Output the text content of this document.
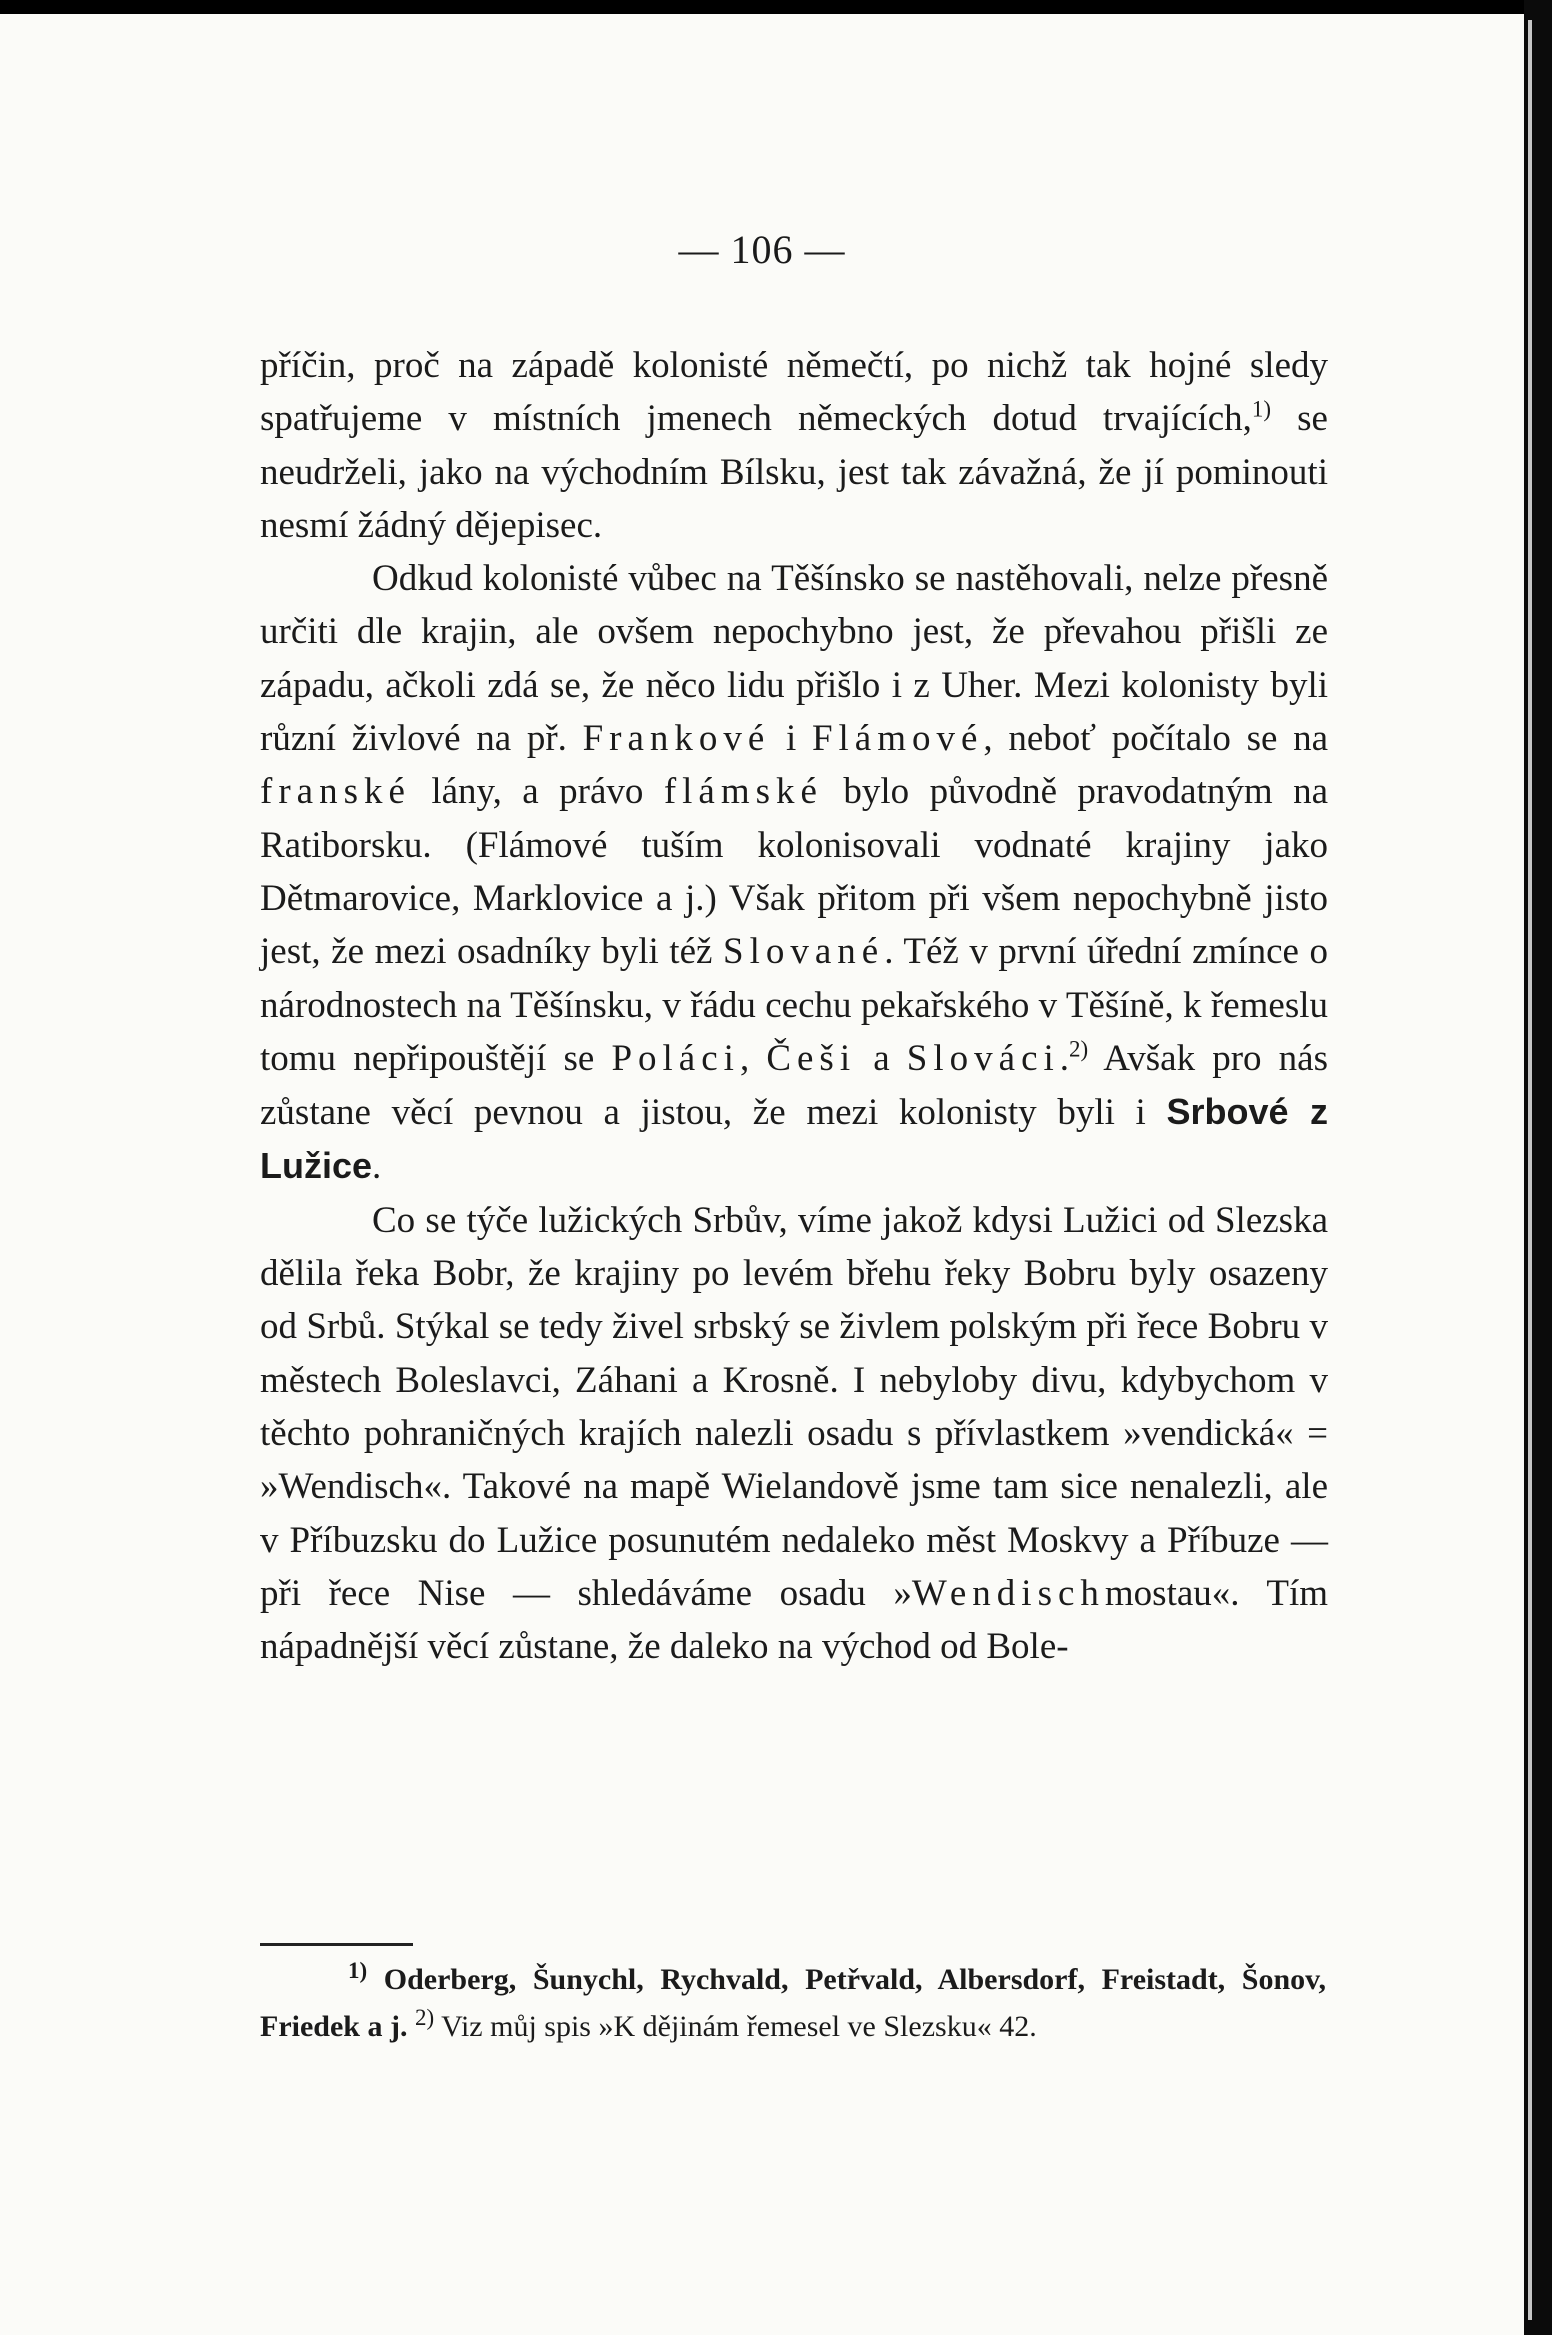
— 106 —

příčin, proč na západě kolonisté němečtí, po nichž tak hojné sledy spatřujeme v místních jmenech německých dotud trvajících,$^{1)}$ se neudrželi, jako na východním Bílsku, jest tak závažná, že jí pominouti nesmí žádný dějepisec.

Odkud kolonisté vůbec na Těšínsko se nastěhovali, nelze přesně určiti dle krajin, ale ovšem nepochybno jest, že převahou přišli ze západu, ačkoli zdá se, že něco lidu přišlo i z Uher. Mezi kolonisty byli různí živlové na př. Frankové i Flámové, neboť počítalo se na franské lány, a právo flámské bylo původně pravodatným na Ratiborsku. (Flámové tuším kolonisovali vodnaté krajiny jako Dětmarovice, Marklovice a j.) Však přitom při všem nepochybně jisto jest, že mezi osadníky byli též Slované. Též v první úřední zmínce o národnostech na Těšínsku, v řádu cechu pekařského v Těšíně, k řemeslu tomu nepřipouštějí se Poláci, Češi a Slováci.$^{2)}$ Avšak pro nás zůstane věcí pevnou a jistou, že mezi kolonisty byli i Srbové z Lužice.

Co se týče lužických Srbův, víme jakož kdysi Lužici od Slezska dělila řeka Bobr, že krajiny po levém břehu řeky Bobru byly osazeny od Srbů. Stýkal se tedy živel srbský se živlem polským při řece Bobru v městech Boleslavci, Záhani a Krosně. I nebyloby divu, kdybychom v těchto pohraničných krajích nalezli osadu s přívlastkem »vendická« = »Wendisch«. Takové na mapě Wielandově jsme tam sice nenalezli, ale v Příbuzsku do Lužice posunutém nedaleko měst Moskvy a Příbuze — při řece Nise — shledáváme osadu »Wendischmostau«. Tím nápadnější věcí zůstane, že daleko na východ od Bole-

$^{1)}$ Oderberg, Šunychl, Rychvald, Petřvald, Albersdorf, Freistadt, Šonov, Friedek a j. $^{2)}$ Viz můj spis »K dějinám řemesel ve Slezsku« 42.
